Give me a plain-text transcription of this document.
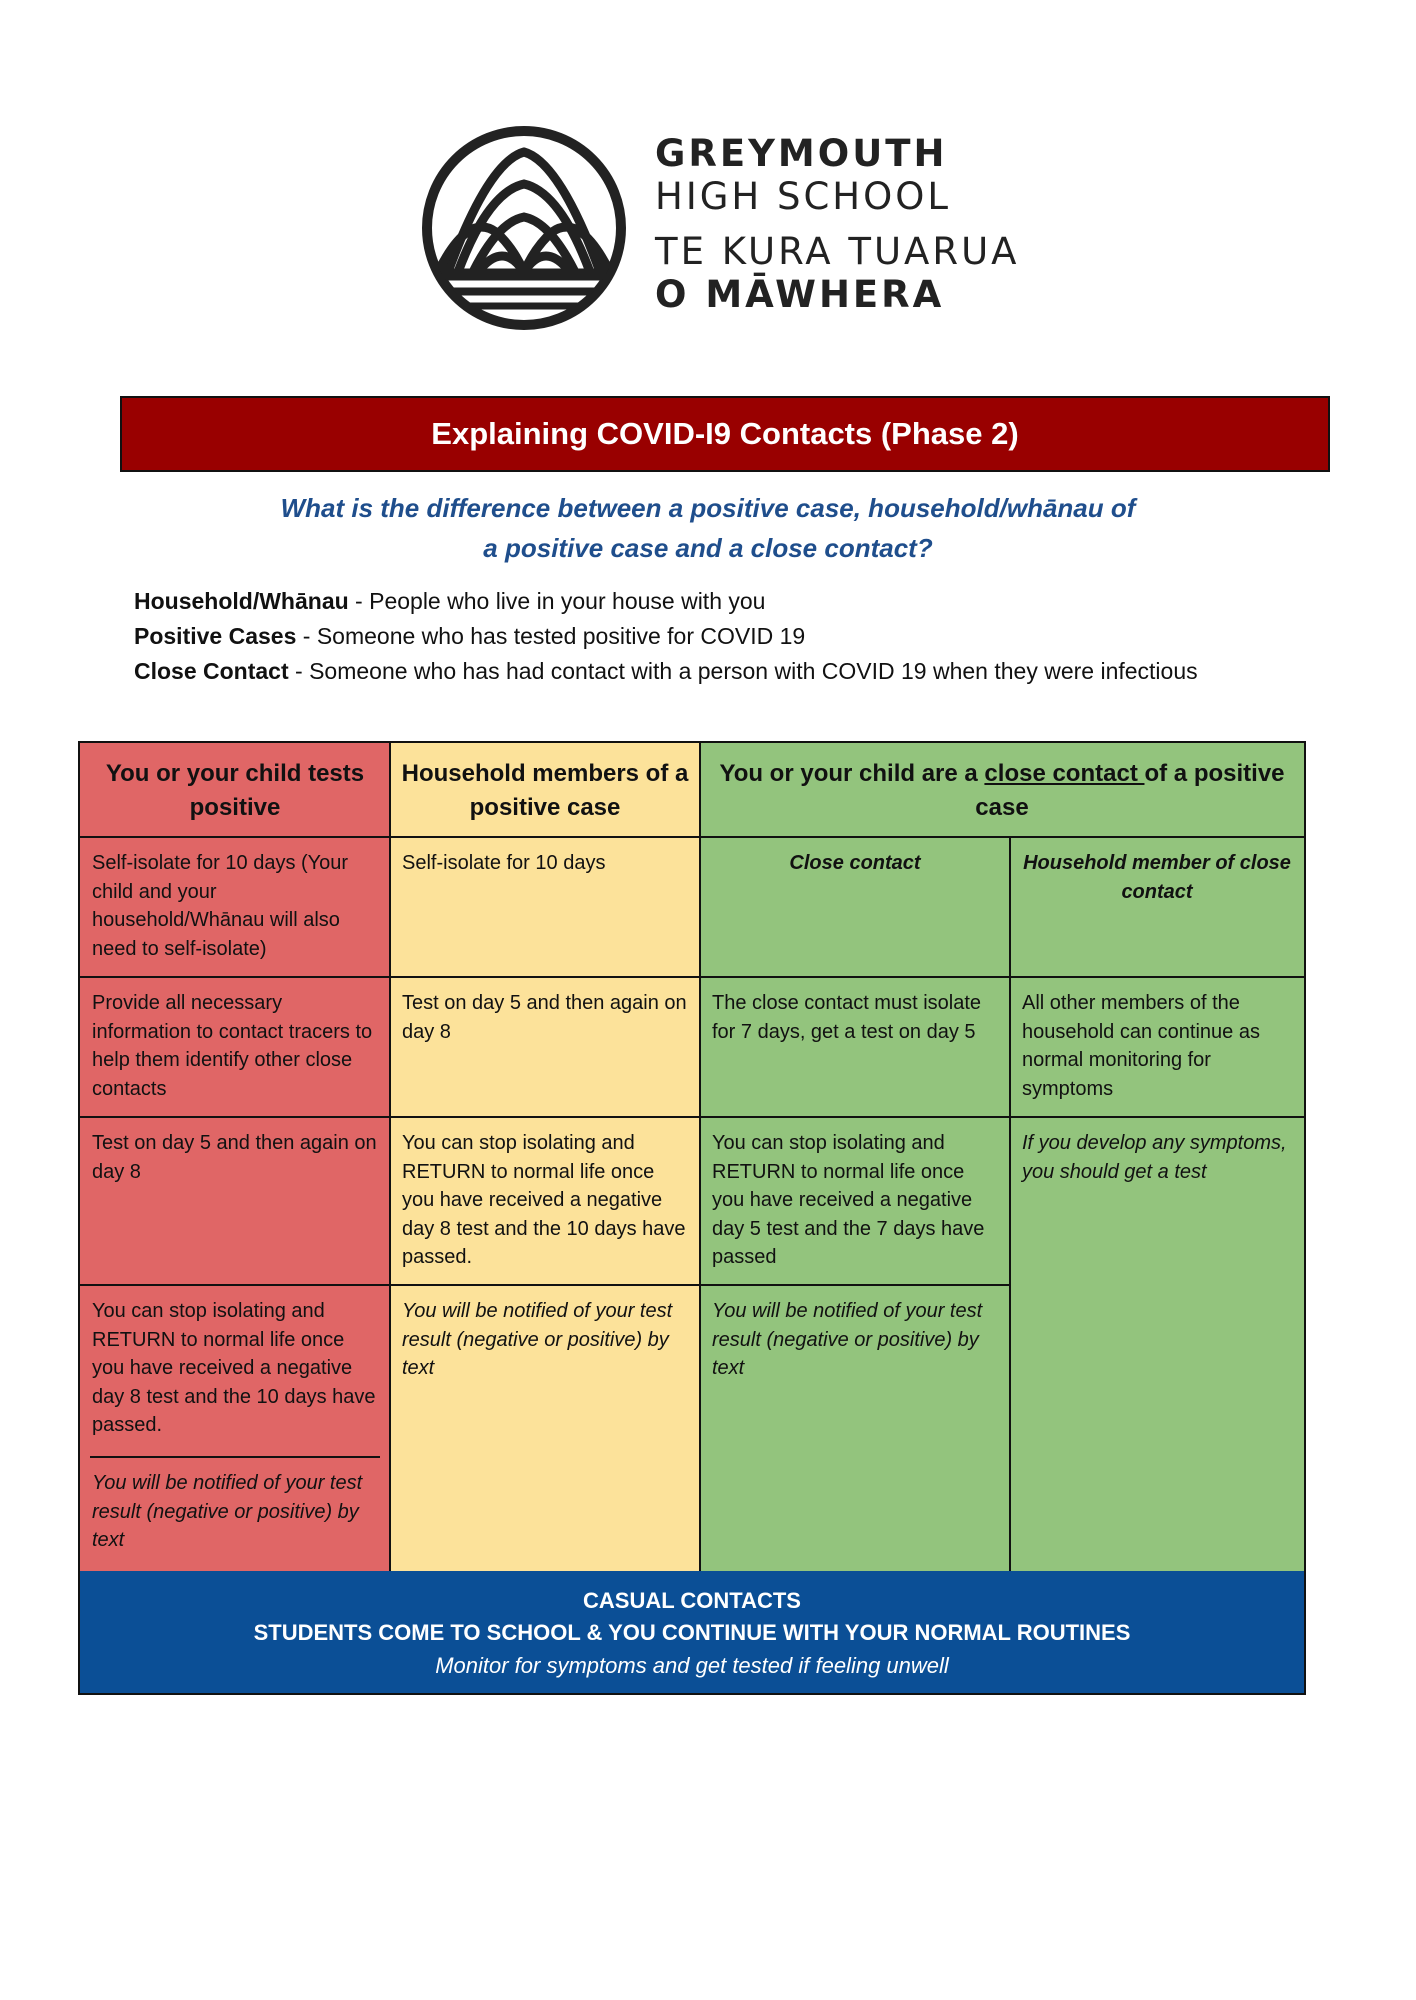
GREYMOUTH
HIGH SCHOOL
TE KURA TUARUA
O MĀWHERA
Explaining COVID-I9 Contacts (Phase 2)
What is the difference between a positive case, household/whānau of
a positive case and a close contact?
Household/Whānau - People who live in your house with you
Positive Cases - Someone who has tested positive for COVID 19
Close Contact - Someone who has had contact with a person with COVID 19 when they were infectious
You or your child tests positive
Household members of a positive case
You or your child are a close contact of a positive case
Self-isolate for 10 days (Your child and your household/Whānau will also need to self-isolate)
Provide all necessary information to contact tracers to help them identify other close contacts
Test on day 5 and then again on day 8
You can stop isolating and RETURN to normal life once you have received a negative day 8 test and the 10 days have passed.
You will be notified of your test result (negative or positive) by text
Self-isolate for 10 days
Test on day 5 and then again on day 8
You can stop isolating and RETURN to normal life once you have received a negative day 8 test and the 10 days have passed.
You will be notified of your test result (negative or positive) by text
Close contact
The close contact must isolate for 7 days, get a test on day 5
You can stop isolating and RETURN to normal life once you have received a negative day 5 test and the 7 days have passed
You will be notified of your test result (negative or positive) by text
Household member of close contact
All other members of the household can continue as normal monitoring for symptoms
If you develop any symptoms, you should get a test
CASUAL CONTACTS
STUDENTS COME TO SCHOOL & YOU CONTINUE WITH YOUR NORMAL ROUTINES
Monitor for symptoms and get tested if feeling unwell
